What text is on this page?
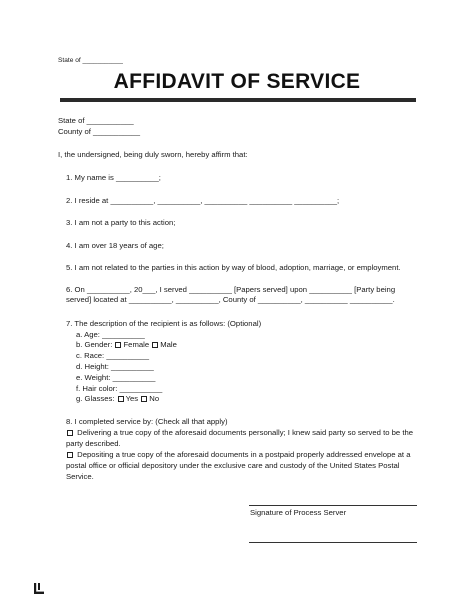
State of ___________
AFFIDAVIT OF SERVICE
State of ___________
County of ___________
I, the undersigned, being duly sworn, hereby affirm that:
1. My name is __________;
2. I reside at __________, __________, __________ __________ __________;
3. I am not a party to this action;
4. I am over 18 years of age;
5. I am not related to the parties in this action by way of blood, adoption, marriage, or employment.
6. On __________, 20___, I served __________ [Papers served] upon __________ [Party being
served] located at __________, __________, County of __________, __________ __________.
7. The description of the recipient is as follows: (Optional)
a. Age: __________
b. Gender: Female Male
c. Race: __________
d. Height: __________
e. Weight: __________
f. Hair color: __________
g. Glasses: Yes No
8. I completed service by: (Check all that apply)
Delivering a true copy of the aforesaid documents personally; I knew said party so served to be the
party described.
Depositing a true copy of the aforesaid documents in a postpaid properly addressed envelope at a
postal office or official depository under the exclusive care and custody of the United States Postal
Service.
Signature of Process Server
